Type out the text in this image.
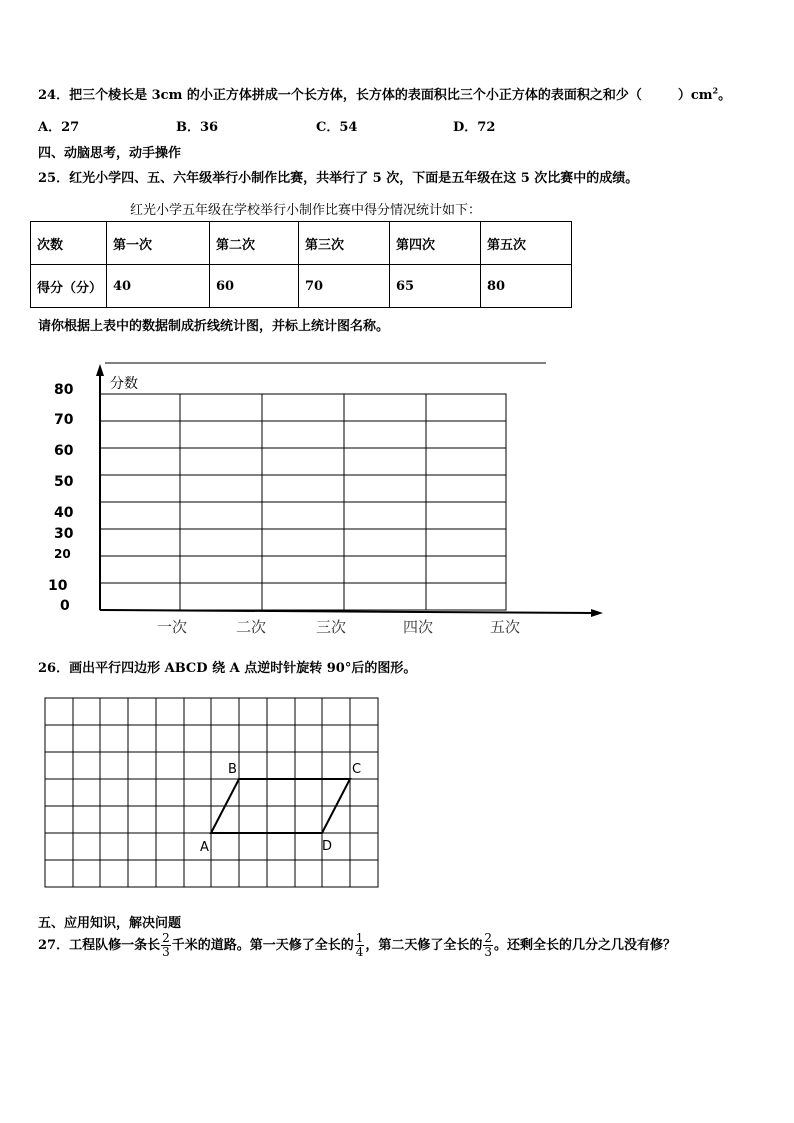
24．把三个棱长是 3cm 的小正方体拼成一个长方体，长方体的表面积比三个小正方体的表面积之和少（	）$cm^2$。
A．27	B．36	C．54	D．72
四、动脑思考，动手操作
25．红光小学四、五、六年级举行小制作比赛，共举行了 5 次，下面是五年级在这 5 次比赛中的成绩。
红光小学五年级在学校举行小制作比赛中得分情况统计如下：
次数	第一次	第二次	第三次	第四次	第五次
得分（分）	40	60	70	65	80
请你根据上表中的数据制成折线统计图，并标上统计图名称。
分数
80
70
60
50
40
30
20
10
0
一次	二次	三次	四次	五次
26．画出平行四边形 ABCD 绕 A 点逆时针旋转 90°后的图形。
A
B	C
D
五、应用知识，解决问题
27．工程队修一条长 $\frac{2}{3}$ 千米的道路。第一天修了全长的 $\frac{1}{4}$ ，第二天修了全长的 $\frac{2}{3}$ 。还剩全长的几分之几没有修？
